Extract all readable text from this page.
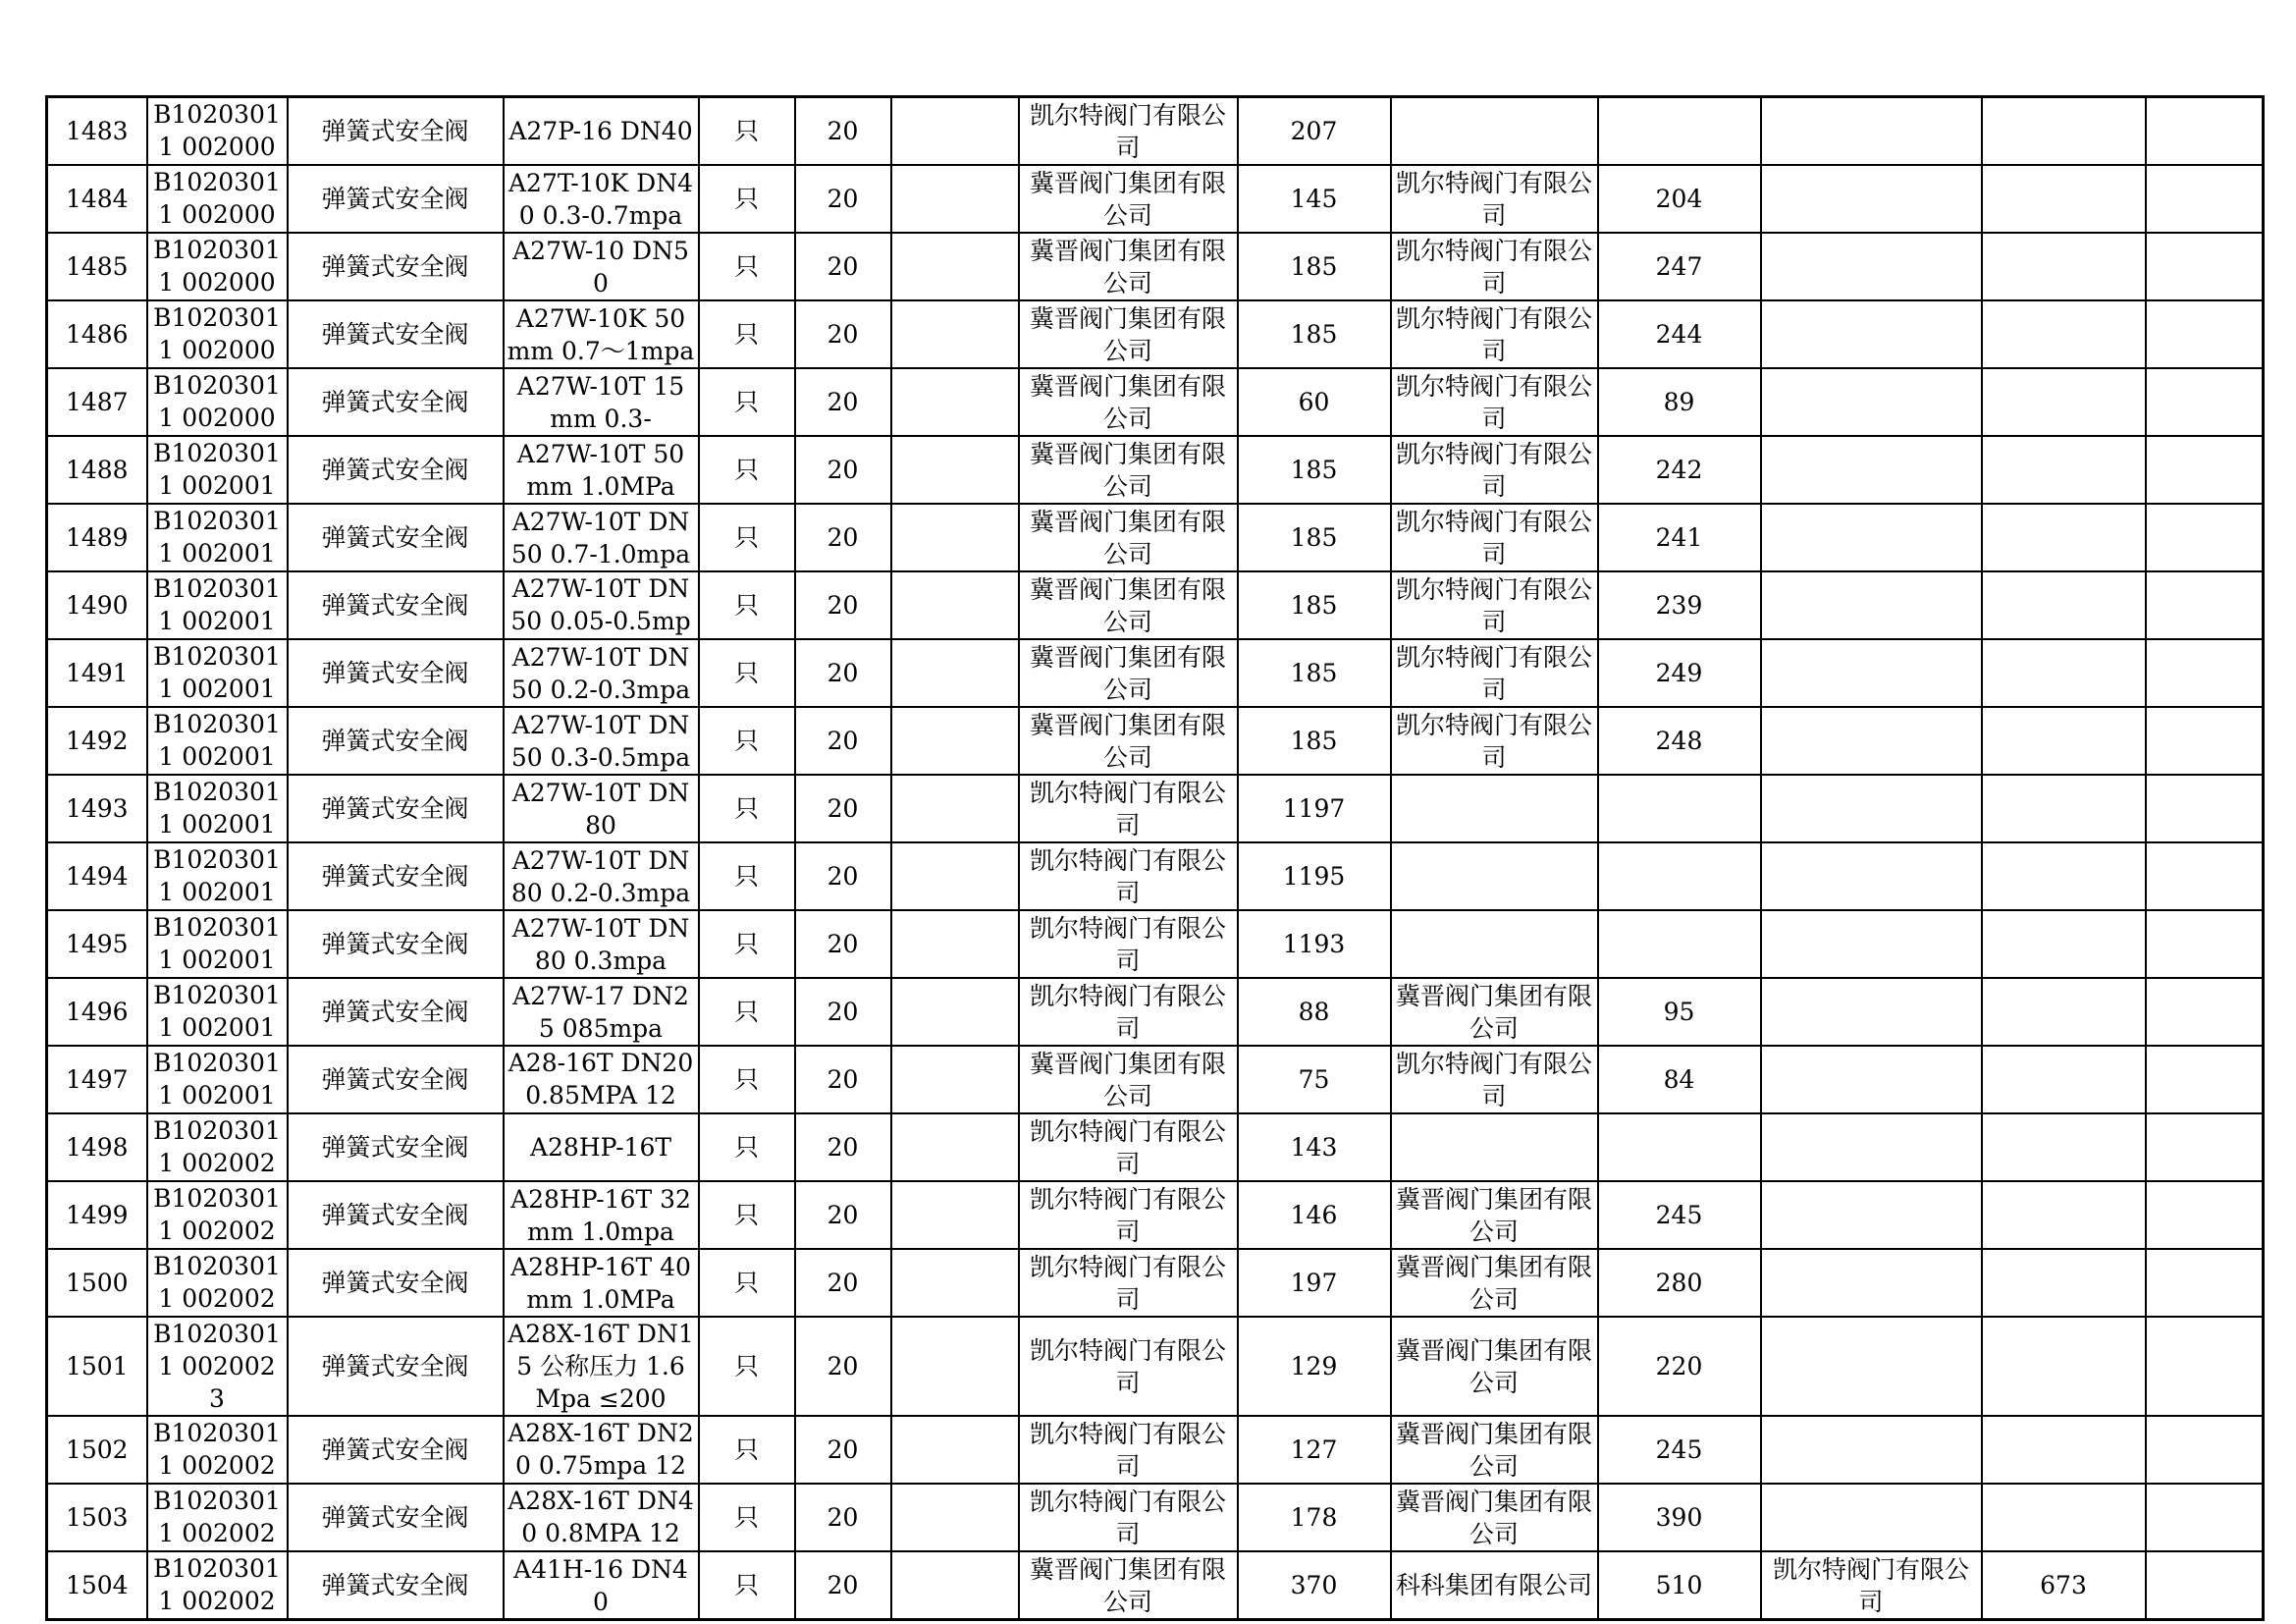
1483	B10203011 002000	弹簧式安全阀	A27P-16 DN40	只	20		凯尔特阀门有限公司	207					

1484	B10203011 002000	弹簧式安全阀	A27T-10K DN40 0.3-0.7mpa	只	20		冀晋阀门集团有限公司	145	凯尔特阀门有限公司	204			

1485	B10203011 002000	弹簧式安全阀	A27W-10 DN50	只	20		冀晋阀门集团有限公司	185	凯尔特阀门有限公司	247			

1486	B10203011 002000	弹簧式安全阀	A27W-10K 50mm 0.7～1mpa	只	20		冀晋阀门集团有限公司	185	凯尔特阀门有限公司	244			

1487	B10203011 002000	弹簧式安全阀	A27W-10T 15mm 0.3-	只	20		冀晋阀门集团有限公司	60	凯尔特阀门有限公司	89			

1488	B10203011 002001	弹簧式安全阀	A27W-10T 50mm 1.0MPa	只	20		冀晋阀门集团有限公司	185	凯尔特阀门有限公司	242			

1489	B10203011 002001	弹簧式安全阀	A27W-10T DN50 0.7-1.0mpa	只	20		冀晋阀门集团有限公司	185	凯尔特阀门有限公司	241			

1490	B10203011 002001	弹簧式安全阀	A27W-10T DN50 0.05-0.5mp	只	20		冀晋阀门集团有限公司	185	凯尔特阀门有限公司	239			

1491	B10203011 002001	弹簧式安全阀	A27W-10T DN50 0.2-0.3mpa	只	20		冀晋阀门集团有限公司	185	凯尔特阀门有限公司	249			

1492	B10203011 002001	弹簧式安全阀	A27W-10T DN50 0.3-0.5mpa	只	20		冀晋阀门集团有限公司	185	凯尔特阀门有限公司	248			

1493	B10203011 002001	弹簧式安全阀	A27W-10T DN80	只	20		凯尔特阀门有限公司	1197					

1494	B10203011 002001	弹簧式安全阀	A27W-10T DN80 0.2-0.3mpa	只	20		凯尔特阀门有限公司	1195					

1495	B10203011 002001	弹簧式安全阀	A27W-10T DN80 0.3mpa	只	20		凯尔特阀门有限公司	1193					

1496	B10203011 002001	弹簧式安全阀	A27W-17 DN25 085mpa	只	20		凯尔特阀门有限公司	88	冀晋阀门集团有限公司	95			

1497	B10203011 002001	弹簧式安全阀	A28-16T DN20 0.85MPA 12	只	20		冀晋阀门集团有限公司	75	凯尔特阀门有限公司	84			

1498	B10203011 002002	弹簧式安全阀	A28HP-16T	只	20		凯尔特阀门有限公司	143					

1499	B10203011 002002	弹簧式安全阀	A28HP-16T 32mm 1.0mpa	只	20		凯尔特阀门有限公司	146	冀晋阀门集团有限公司	245			

1500	B10203011 002002	弹簧式安全阀	A28HP-16T 40mm 1.0MPa	只	20		凯尔特阀门有限公司	197	冀晋阀门集团有限公司	280			

1501	B10203011 0020023	弹簧式安全阀	A28X-16T DN15 公称压力 1.6Mpa ≤200	只	20		凯尔特阀门有限公司	129	冀晋阀门集团有限公司	220			

1502	B10203011 002002	弹簧式安全阀	A28X-16T DN20 0.75mpa 12	只	20		凯尔特阀门有限公司	127	冀晋阀门集团有限公司	245			

1503	B10203011 002002	弹簧式安全阀	A28X-16T DN40 0.8MPA 12	只	20		凯尔特阀门有限公司	178	冀晋阀门集团有限公司	390			

1504	B10203011 002002	弹簧式安全阀	A41H-16 DN40	只	20		冀晋阀门集团有限公司	370	科科集团有限公司	510	凯尔特阀门有限公司	673	
